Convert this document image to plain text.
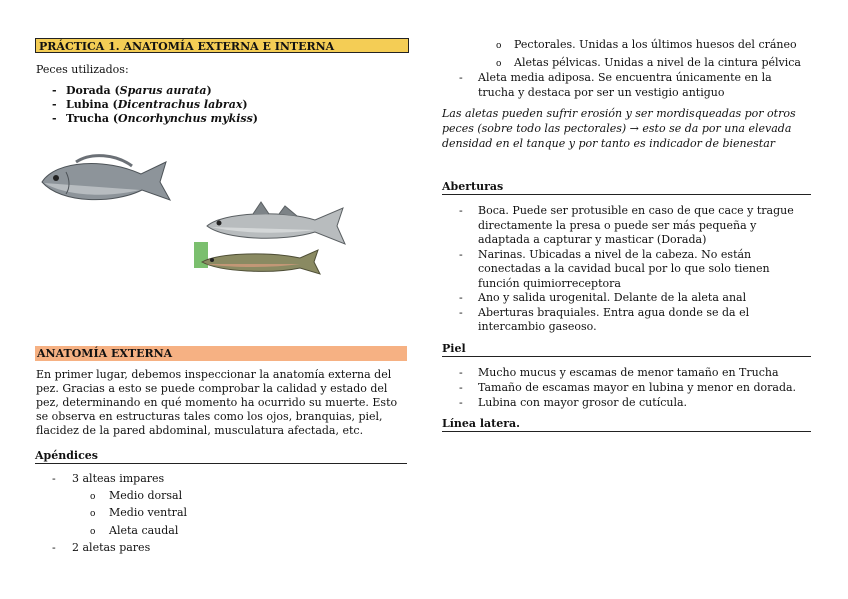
PRÁCTICA 1. ANATOMÍA EXTERNA E INTERNA
Peces utilizados:
- Dorada (Sparus aurata)
- Lubina (Dicentrachus labrax)
- Trucha (Oncorhynchus mykiss)
ANATOMÍA EXTERNA
En primer lugar, debemos inspeccionar la anatomía externa del
pez. Gracias a esto se puede comprobar la calidad y estado del
pez, determinando en qué momento ha ocurrido su muerte. Esto
se observa en estructuras tales como los ojos, branquias, piel,
flacidez de la pared abdominal, musculatura afectada, etc.
Apéndices
- 3 alteas impares
o Medio dorsal
o Medio ventral
o Aleta caudal
- 2 aletas pares
o Pectorales. Unidas a los últimos huesos del cráneo
o Aletas pélvicas. Unidas a nivel de la cintura pélvica
- Aleta media adiposa. Se encuentra únicamente en la
trucha y destaca por ser un vestigio antiguo
Las aletas pueden sufrir erosión y ser mordisqueadas por otros
peces (sobre todo las pectorales) → esto se da por una elevada
densidad en el tanque y por tanto es indicador de bienestar
Aberturas
- Boca. Puede ser protusible en caso de que cace y trague
directamente la presa o puede ser más pequeña y
adaptada a capturar y masticar (Dorada)
- Narinas. Ubicadas a nivel de la cabeza. No están
conectadas a la cavidad bucal por lo que solo tienen
función quimiorreceptora
- Ano y salida urogenital. Delante de la aleta anal
- Aberturas braquiales. Entra agua donde se da el
intercambio gaseoso.
Piel
- Mucho mucus y escamas de menor tamaño en Trucha
- Tamaño de escamas mayor en lubina y menor en dorada.
- Lubina con mayor grosor de cutícula.
Línea latera.
